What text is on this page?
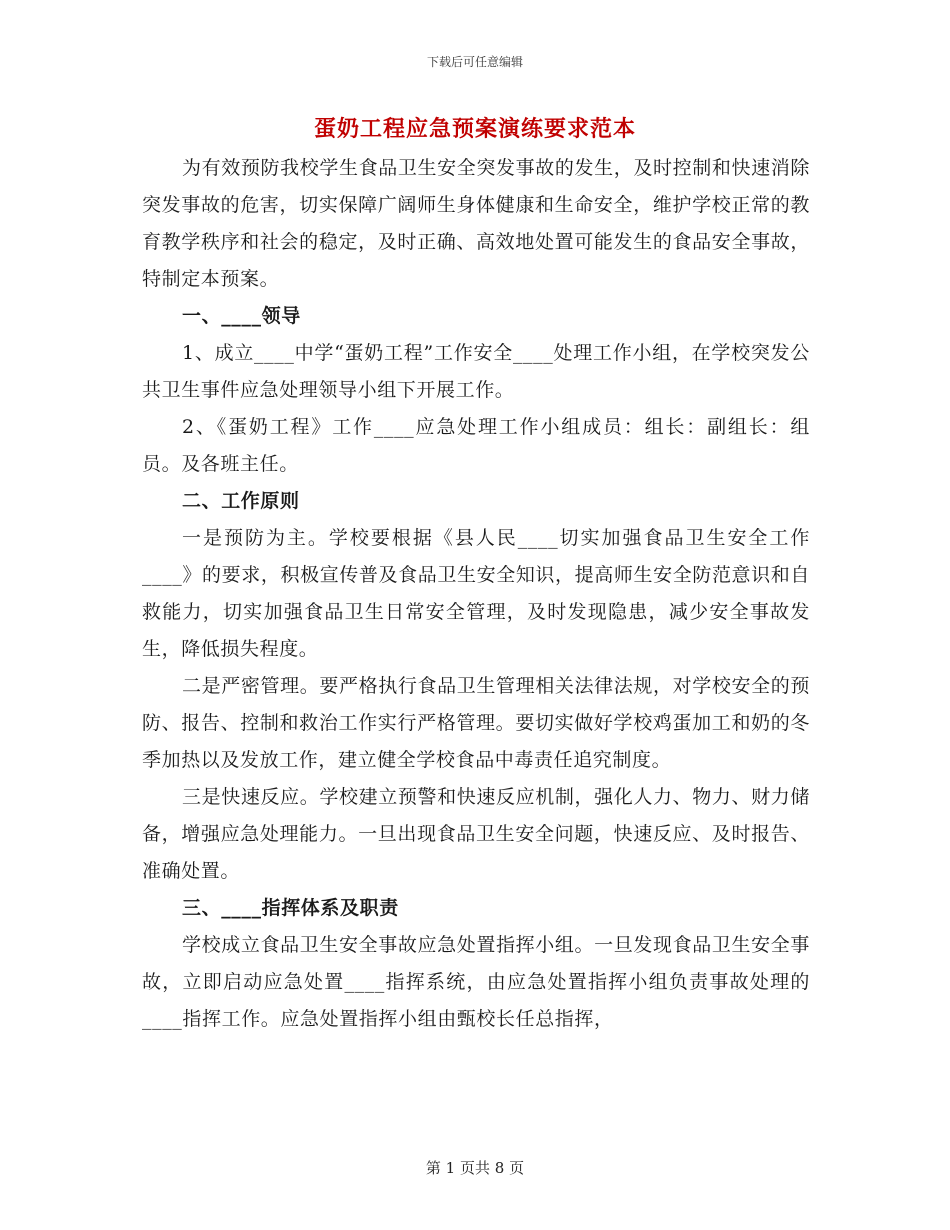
下载后可任意编辑
蛋奶工程应急预案演练要求范本

为有效预防我校学生食品卫生安全突发事故的发生，及时控制和快速消除突发事故的危害，切实保障广阔师生身体健康和生命安全，维护学校正常的教育教学秩序和社会的稳定，及时正确、高效地处置可能发生的食品安全事故，特制定本预案。

一、____领导

1、成立____中学“蛋奶工程”工作安全____处理工作小组，在学校突发公共卫生事件应急处理领导小组下开展工作。

2、《蛋奶工程》工作____应急处理工作小组成员：组长：副组长：组员。及各班主任。

二、工作原则

一是预防为主。学校要根据《县人民____切实加强食品卫生安全工作____》的要求，积极宣传普及食品卫生安全知识，提高师生安全防范意识和自救能力，切实加强食品卫生日常安全管理，及时发现隐患，减少安全事故发生，降低损失程度。

二是严密管理。要严格执行食品卫生管理相关法律法规，对学校安全的预防、报告、控制和救治工作实行严格管理。要切实做好学校鸡蛋加工和奶的冬季加热以及发放工作，建立健全学校食品中毒责任追究制度。

三是快速反应。学校建立预警和快速反应机制，强化人力、物力、财力储备，增强应急处理能力。一旦出现食品卫生安全问题，快速反应、及时报告、准确处置。

三、____指挥体系及职责

学校成立食品卫生安全事故应急处置指挥小组。一旦发现食品卫生安全事故，立即启动应急处置____指挥系统，由应急处置指挥小组负责事故处理的____指挥工作。应急处置指挥小组由甄校长任总指挥，

第 1 页共 8 页
